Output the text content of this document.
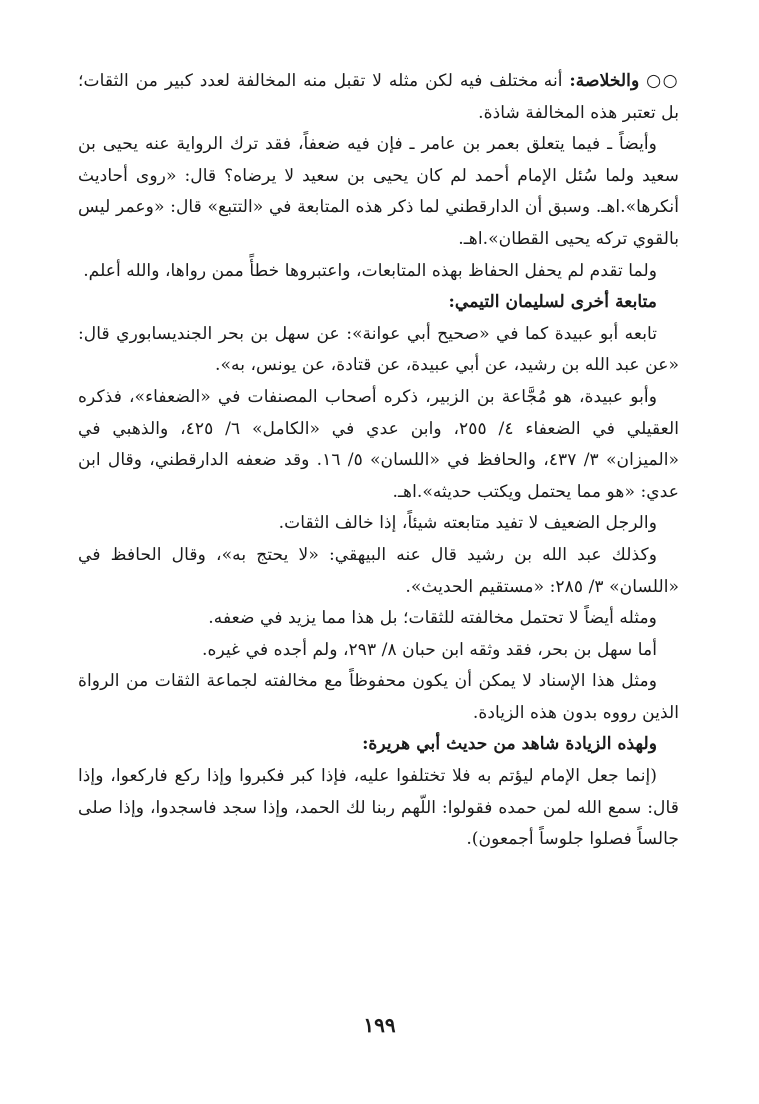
○○ والخلاصة: أنه مختلف فيه لكن مثله لا تقبل منه المخالفة لعدد كبير من الثقات؛ بل تعتبر هذه المخالفة شاذة.

وأيضاً ـ فيما يتعلق بعمر بن عامر ـ فإن فيه ضعفاً، فقد ترك الرواية عنه يحيى بن سعيد ولما سُئل الإمام أحمد لم كان يحيى بن سعيد لا يرضاه؟ قال: «روى أحاديث أنكرها».اهـ. وسبق أن الدارقطني لما ذكر هذه المتابعة في «التتبع» قال: «وعمر ليس بالقوي تركه يحيى القطان».اهـ.

ولما تقدم لم يحفل الحفاظ بهذه المتابعات، واعتبروها خطأً ممن رواها، والله أعلم.

متابعة أخرى لسليمان التيمي:

تابعه أبو عبيدة كما في «صحيح أبي عوانة»: عن سهل بن بحر الجنديسابوري قال: «عن عبد الله بن رشيد، عن أبي عبيدة، عن قتادة، عن يونس، به».

وأبو عبيدة، هو مُجَّاعة بن الزبير، ذكره أصحاب المصنفات في «الضعفاء»، فذكره العقيلي في الضعفاء ٤/ ٢٥٥، وابن عدي في «الكامل» ٦/ ٤٢٥، والذهبي في «الميزان» ٣/ ٤٣٧، والحافظ في «اللسان» ٥/ ١٦. وقد ضعفه الدارقطني، وقال ابن عدي: «هو مما يحتمل ويكتب حديثه».اهـ.

والرجل الضعيف لا تفيد متابعته شيئاً، إذا خالف الثقات.

وكذلك عبد الله بن رشيد قال عنه البيهقي: «لا يحتج به»، وقال الحافظ في «اللسان» ٣/ ٢٨٥: «مستقيم الحديث».

ومثله أيضاً لا تحتمل مخالفته للثقات؛ بل هذا مما يزيد في ضعفه.

أما سهل بن بحر، فقد وثقه ابن حبان ٨/ ٢٩٣، ولم أجده في غيره.

ومثل هذا الإسناد لا يمكن أن يكون محفوظاً مع مخالفته لجماعة الثقات من الرواة الذين رووه بدون هذه الزيادة.

ولهذه الزيادة شاهد من حديث أبي هريرة:

(إنما جعل الإمام ليؤتم به فلا تختلفوا عليه، فإذا كبر فكبروا وإذا ركع فاركعوا، وإذا قال: سمع الله لمن حمده فقولوا: اللّهم ربنا لك الحمد، وإذا سجد فاسجدوا، وإذا صلى جالساً فصلوا جلوساً أجمعون).

١٩٩
